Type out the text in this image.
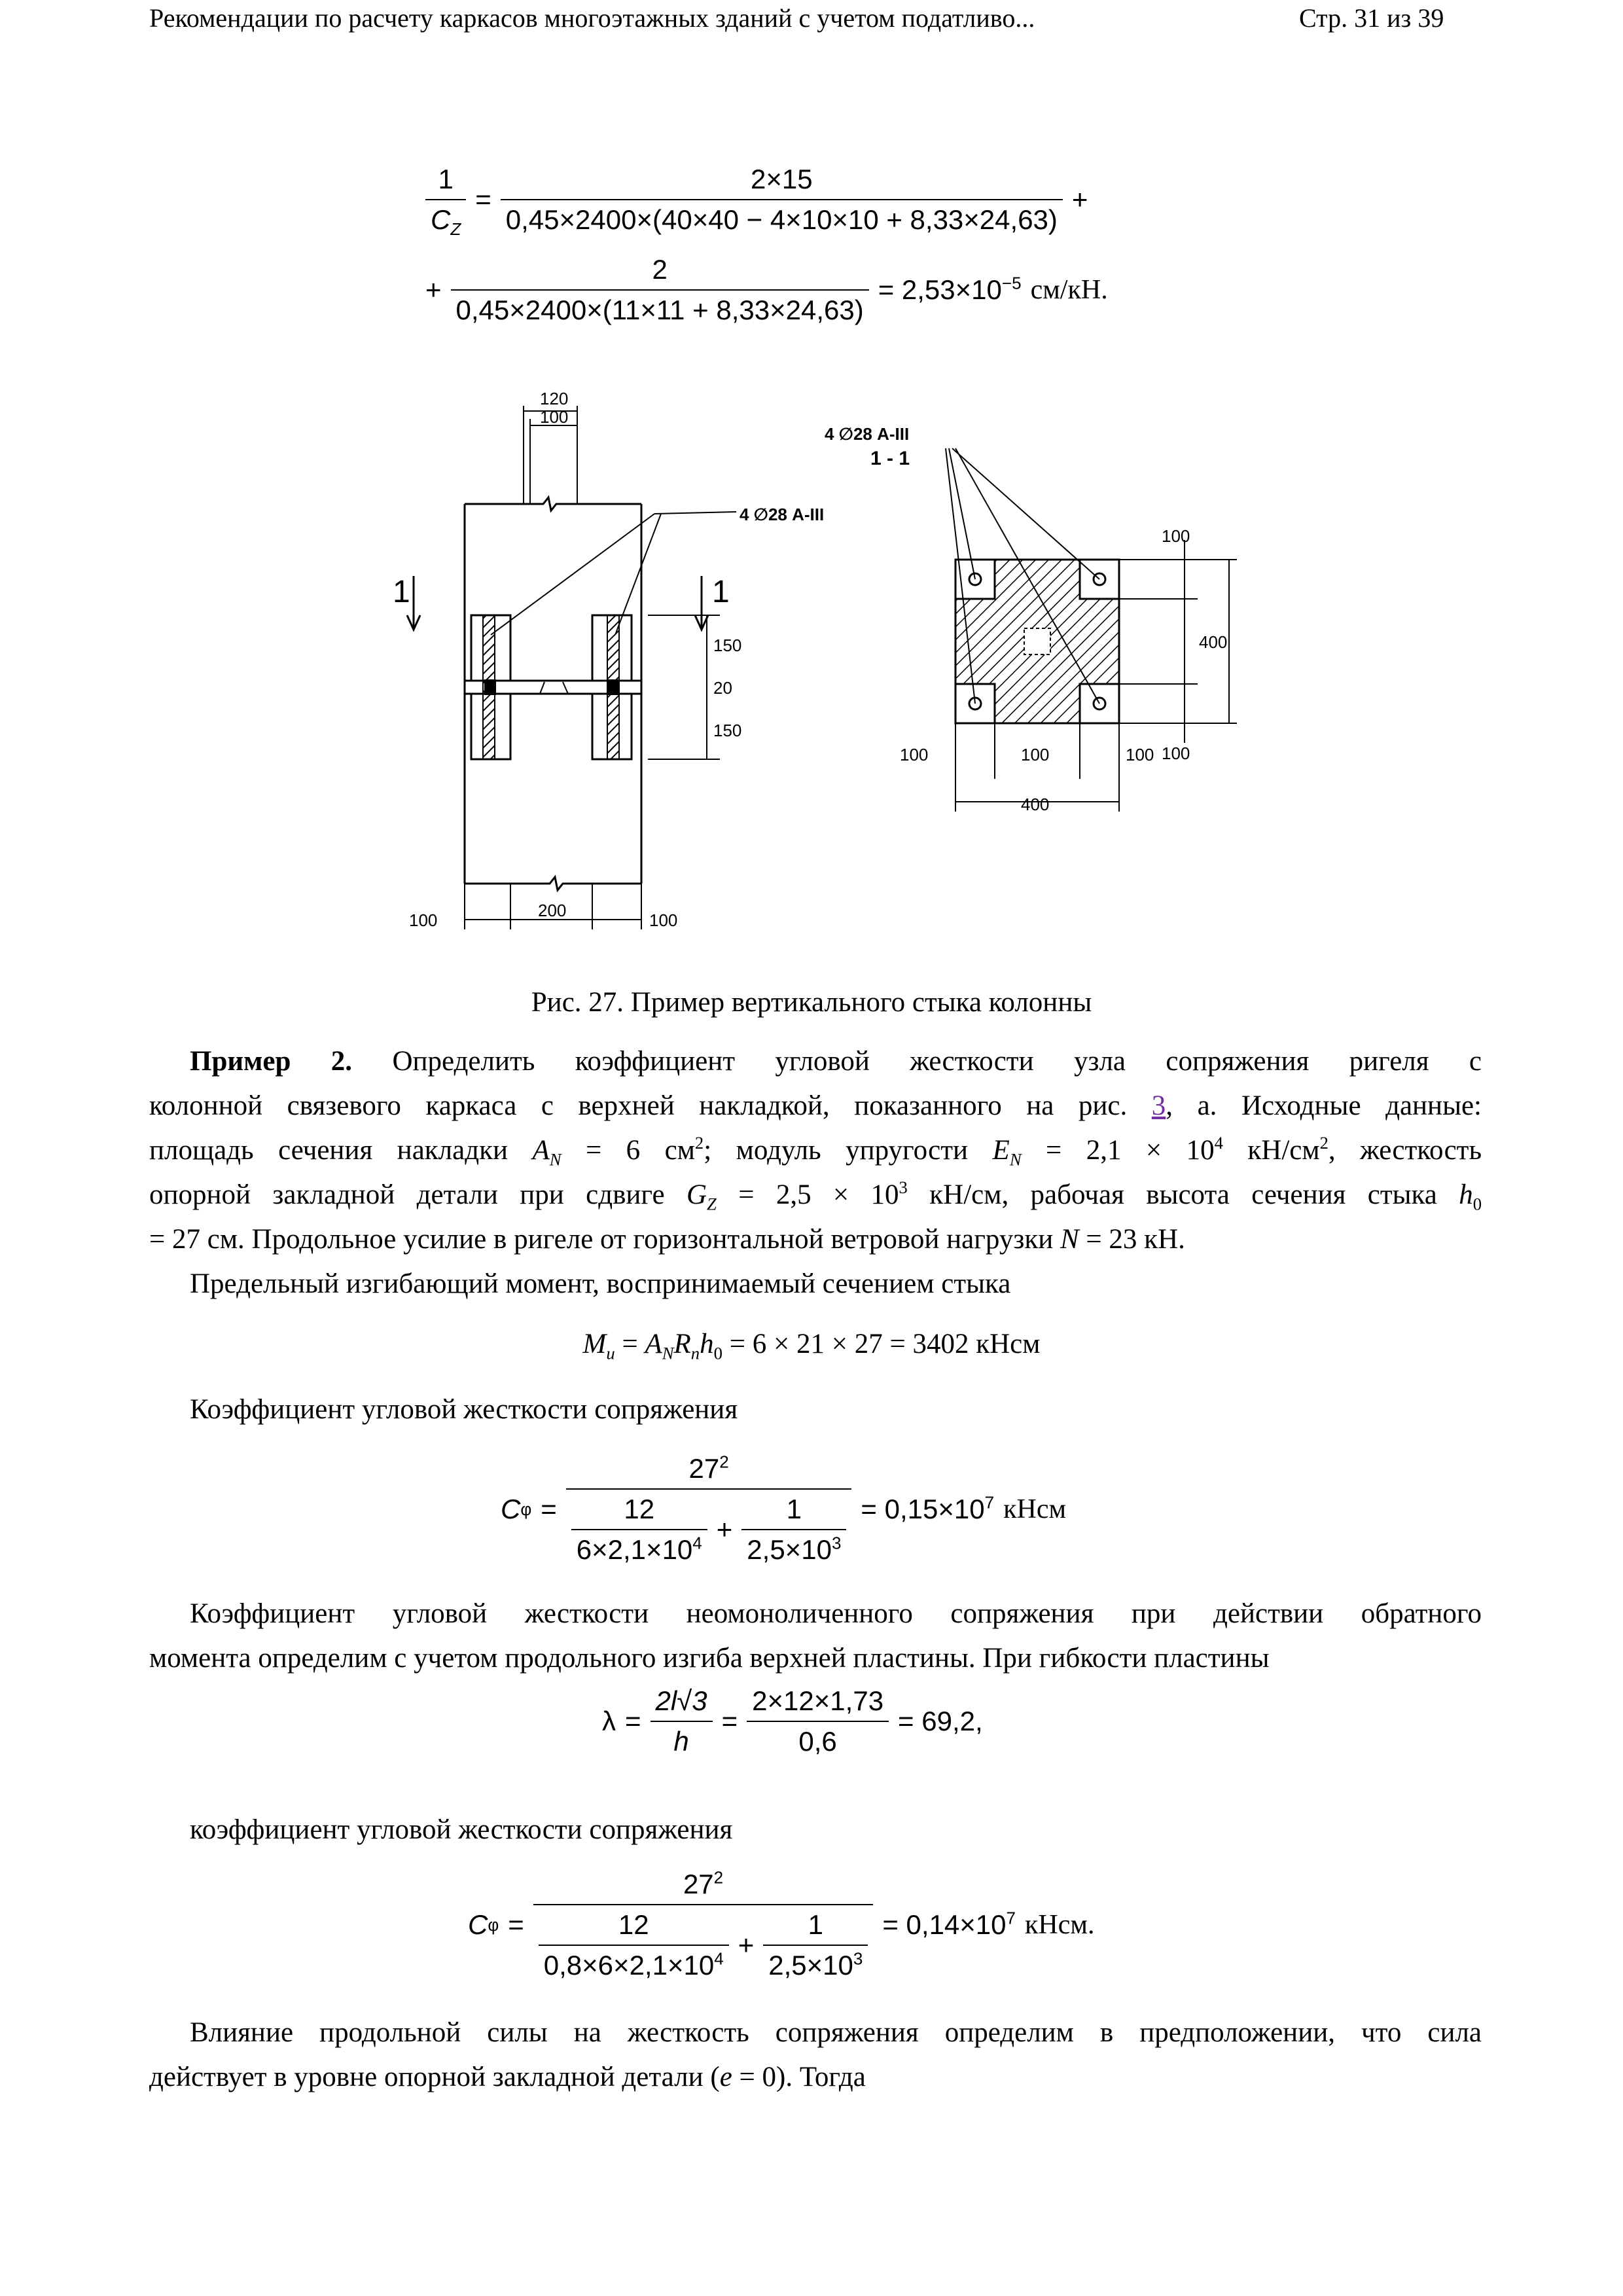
Рекомендации по расчету каркасов многоэтажных зданий с учетом податливо...	Стр. 31 из 39
$\frac{1}{C_Z} = \frac{2\times 15}{0,45\times 2400\times(40\times 40 - 4\times 10\times 10 + 8,33\times 24,63)}$ +
+ $\frac{2}{0,45\times 2400\times(11\times 11 + 8,33\times 24,63)} = 2,53\times 10^{-5}$ см/кН.
120
100
1	1
4 ∅28 А-III
150
20
150
100	200	100
1 - 1
4 ∅28 А-III
100
400
100
100	100	100
400
Рис. 27. Пример вертикального стыка колонны
Пример 2. Определить коэффициент угловой жесткости узла сопряжения ригеля с
колонной связевого каркаса с верхней накладкой, показанного на рис. 3, а. Исходные данные:
площадь сечения накладки $A_N = 6$ $см^2$; модуль упругости $E_N = 2,1 \times 10^4$ $кН/см^2$, жесткость
опорной закладной детали при сдвиге $G_Z = 2,5 \times 10^3$ кН/см, рабочая высота сечения стыка $h_0$
= 27 см. Продольное усилие в ригеле от горизонтальной ветровой нагрузки N = 23 кН.
Предельный изгибающий момент, воспринимаемый сечением стыка
$M_u = A_NR_nh_0 = 6 \times 21 \times 27 = 3402$ кНсм
Коэффициент угловой жесткости сопряжения
C $\varphi = \frac{27^2}{\frac{12}{6\times 2,1\times 10^4} + \frac{1}{2,5\times 10^3}} = 0,15\times 10^7$ кНсм
Коэффициент угловой жесткости неомоноличенного сопряжения при действии обратного
момента определим с учетом продольного изгиба верхней пластины. При гибкости пластины
$\lambda = \frac{2l√3}{h} = \frac{2\times 12\times 1,73}{0,6} = 69,2$,
коэффициент угловой жесткости сопряжения
C $\varphi = \frac{27^2}{\frac{12}{0,8\times 6\times 2,1\times 10^4} + \frac{1}{2,5\times 10^3}} = 0,14\times 10^7$ кНсм.
Влияние продольной силы на жесткость сопряжения определим в предположении, что сила
действует в уровне опорной закладной детали (e = 0). Тогда
